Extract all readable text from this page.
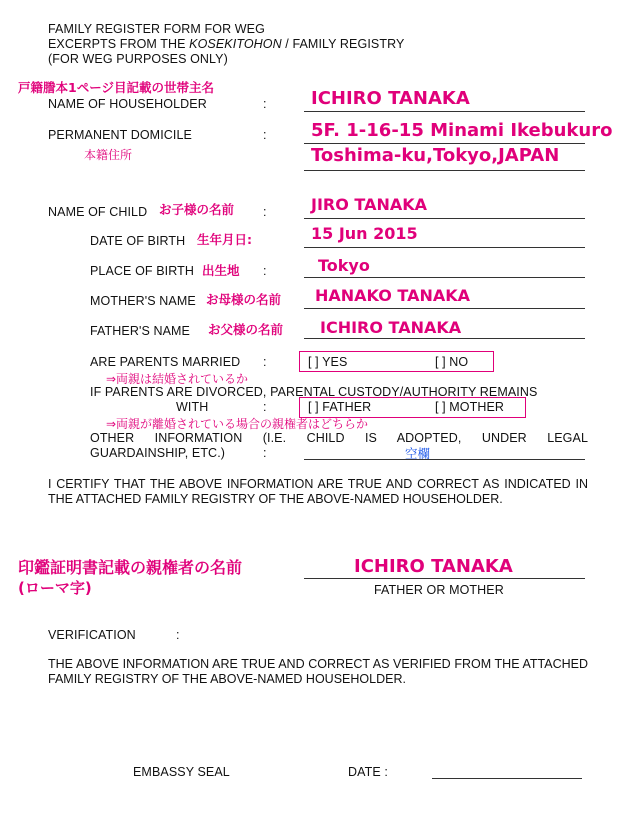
FAMILY REGISTER FORM FOR WEG
EXCERPTS FROM THE KOSEKITOHON / FAMILY REGISTRY
(FOR WEG PURPOSES ONLY)
戸籍謄本1ページ目記載の世帯主名
NAME OF HOUSEHOLDER	: ICHIRO TANAKA
PERMANENT DOMICILE	: 5F. 1-16-15 Minami Ikebukuro
本籍住所	Toshima-ku,Tokyo,JAPAN
NAME OF CHILD お子様の名前 :	JIRO TANAKA
DATE OF BIRTH 生年月日:	15 Jun 2015
PLACE OF BIRTH 出生地 :	Tokyo
MOTHER'S NAME お母様の名前 HANAKO TANAKA
FATHER'S NAME お父様の名前 ICHIRO TANAKA
ARE PARENTS MARRIED :	[ ] YES	[ ] NO
⇒両親は結婚されているか
IF PARENTS ARE DIVORCED, PARENTAL CUSTODY/AUTHORITY REMAINS
WITH	:	[ ] FATHER	[ ] MOTHER
⇒両親が離婚されている場合の親権者はどちらか
OTHER INFORMATION (I.E. CHILD IS ADOPTED, UNDER LEGAL
GUARDAINSHIP, ETC.)	:	空欄
I CERTIFY THAT THE ABOVE INFORMATION ARE TRUE AND CORRECT AS INDICATED IN THE ATTACHED FAMILY REGISTRY OF THE ABOVE-NAMED HOUSEHOLDER.
印鑑証明書記載の親権者の名前
(ローマ字)
ICHIRO TANAKA
FATHER OR MOTHER
VERIFICATION	:
THE ABOVE INFORMATION ARE TRUE AND CORRECT AS VERIFIED FROM THE ATTACHED FAMILY REGISTRY OF THE ABOVE-NAMED HOUSEHOLDER.
EMBASSY SEAL	DATE :
